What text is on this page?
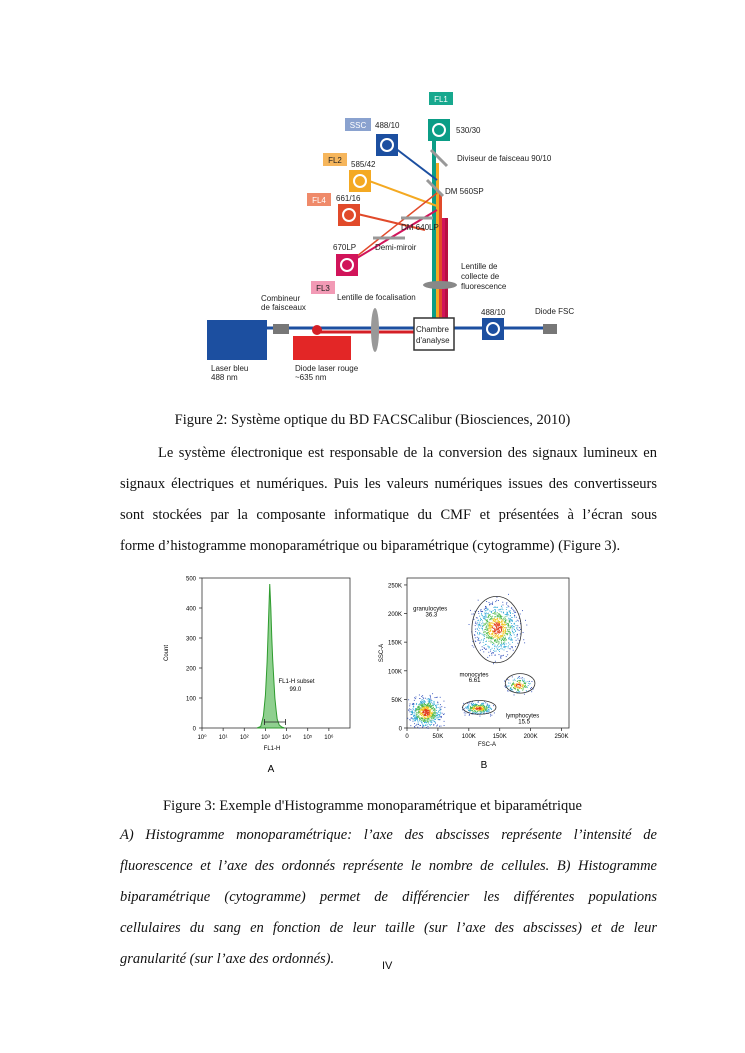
FL1
530/30
SSC 488/10
Diviseur de faisceau 90/10
FL2 585/42
DM 560SP
FL4 661/16
DM 640LP
Demi-miroir
670LP
FL3
Lentille de
collecte de
fluorescence
Lentille de focalisation
Combineur
de faisceaux
Chambre
d'analyse
488/10	Diode FSC
Laser bleu
488 nm
Diode laser rouge
~635 nm
Figure 2: Système optique du BD FACSCalibur (Biosciences, 2010)
Le système électronique est responsable de la conversion des signaux lumineux en
signaux électriques et numériques. Puis les valeurs numériques issues des convertisseurs
sont stockées par la composante informatique du CMF et présentées à l’écran sous
forme d’histogramme monoparamétrique ou biparamétrique (cytogramme) (Figure 3).
0
100
200
300
400
500
10⁰ 10¹ 10² 10³ 10⁴ 10⁵ 10⁶
FL1-H
Count
FL1-H subset
99.0
0
50K
100K
150K
200K
250K
0	50K	100K	150K	200K	250K
FSC-A
SSC-A
granulocytes
36.3
monocytes
6.61
lymphocytes
15.5
A	B
Figure 3: Exemple d'Histogramme monoparamétrique et biparamétrique
A) Histogramme monoparamétrique: l’axe des abscisses représente l’intensité de
fluorescence et l’axe des ordonnés représente le nombre de cellules. B) Histogramme
biparamétrique (cytogramme) permet de différencier les différentes populations
cellulaires du sang en fonction de leur taille (sur l’axe des abscisses) et de leur
granularité (sur l’axe des ordonnés).	IV
